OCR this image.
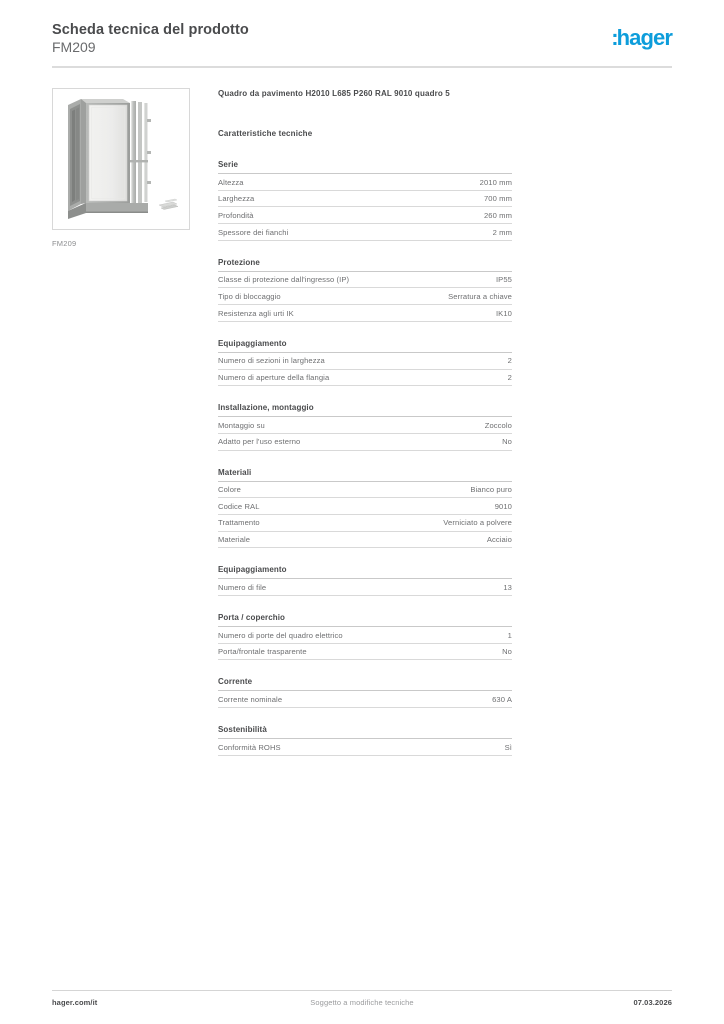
Scheda tecnica del prodotto
FM209	:hager
FM209
Quadro da pavimento H2010 L685 P260 RAL 9010 quadro 5
Caratteristiche tecniche
Serie
Altezza	2010 mm
Larghezza	700 mm
Profondità	260 mm
Spessore dei fianchi	2 mm
Protezione
Classe di protezione dall'ingresso (IP)	IP55
Tipo di bloccaggio	Serratura a chiave
Resistenza agli urti IK	IK10
Equipaggiamento
Numero di sezioni in larghezza	2
Numero di aperture della flangia	2
Installazione, montaggio
Montaggio su	Zoccolo
Adatto per l'uso esterno	No
Materiali
Colore	Bianco puro
Codice RAL	9010
Trattamento	Verniciato a polvere
Materiale	Acciaio
Equipaggiamento
Numero di file	13
Porta / coperchio
Numero di porte del quadro elettrico	1
Porta/frontale trasparente	No
Corrente
Corrente nominale	630 A
Sostenibilità
Conformità ROHS	Sì
hager.com/it	Soggetto a modifiche tecniche	07.03.2026
